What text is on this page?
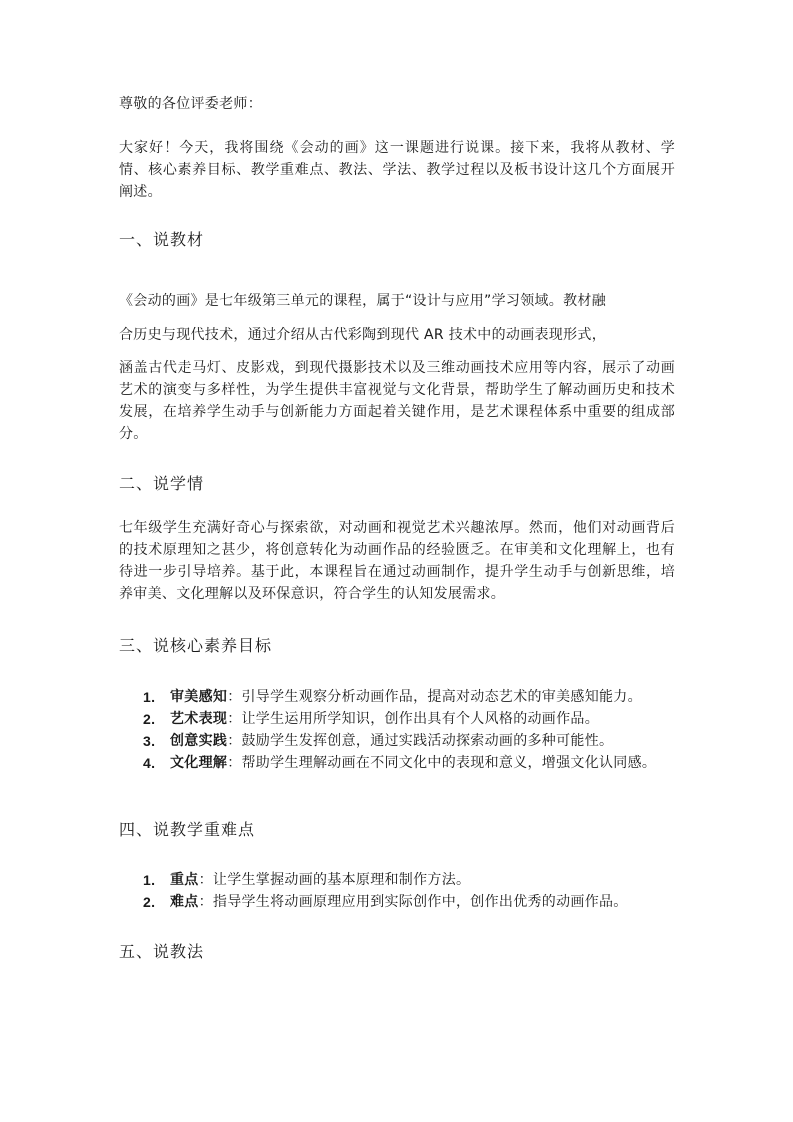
尊敬的各位评委老师：

大家好！今天，我将围绕《会动的画》这一课题进行说课。接下来，我将从教材、学情、核心素养目标、教学重难点、教法、学法、教学过程以及板书设计这几个方面展开阐述。

一、说教材

《会动的画》是七年级第三单元的课程，属于“设计与应用”学习领域。教材融

合历史与现代技术，通过介绍从古代彩陶到现代 AR 技术中的动画表现形式，

涵盖古代走马灯、皮影戏，到现代摄影技术以及三维动画技术应用等内容，展示了动画艺术的演变与多样性，为学生提供丰富视觉与文化背景，帮助学生了解动画历史和技术发展，在培养学生动手与创新能力方面起着关键作用，是艺术课程体系中重要的组成部分。

二、说学情

七年级学生充满好奇心与探索欲，对动画和视觉艺术兴趣浓厚。然而，他们对动画背后的技术原理知之甚少，将创意转化为动画作品的经验匮乏。在审美和文化理解上，也有待进一步引导培养。基于此，本课程旨在通过动画制作，提升学生动手与创新思维，培养审美、文化理解以及环保意识，符合学生的认知发展需求。

三、说核心素养目标
1. 审美感知：引导学生观察分析动画作品，提高对动态艺术的审美感知能力。
2. 艺术表现：让学生运用所学知识，创作出具有个人风格的动画作品。
3. 创意实践：鼓励学生发挥创意，通过实践活动探索动画的多种可能性。
4. 文化理解：帮助学生理解动画在不同文化中的表现和意义，增强文化认同感。
四、说教学重难点
1. 重点：让学生掌握动画的基本原理和制作方法。
2. 难点：指导学生将动画原理应用到实际创作中，创作出优秀的动画作品。
五、说教法
